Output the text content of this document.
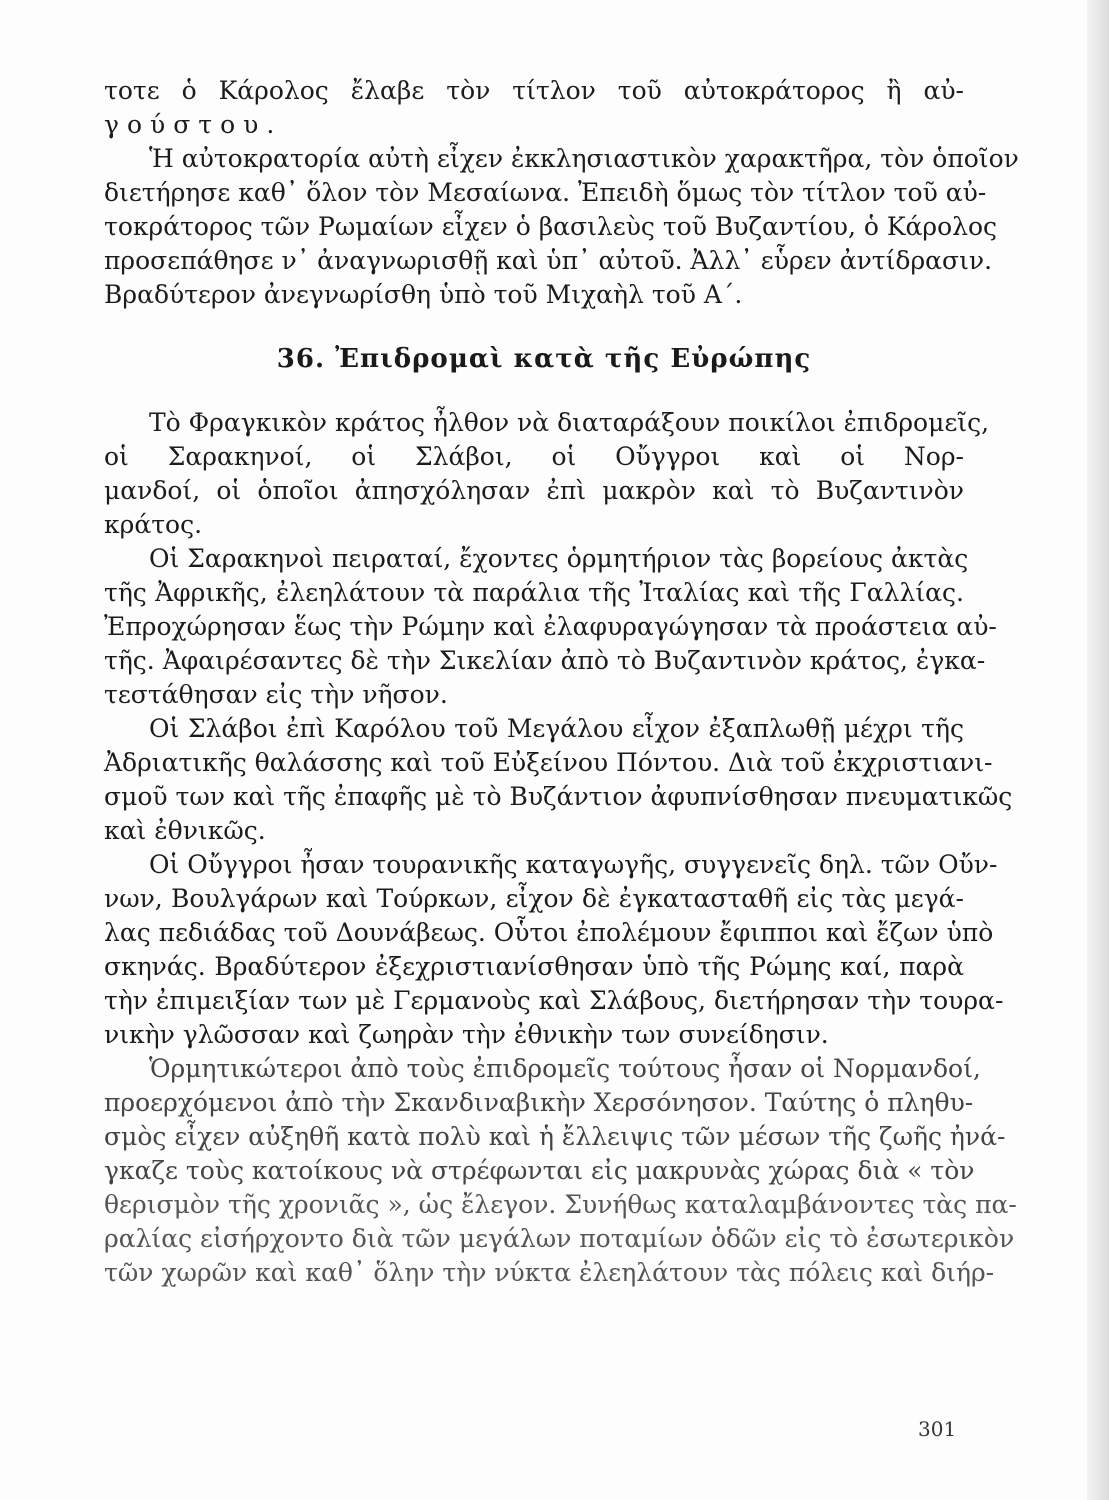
τοτε ὁ Κάρολος ἔλαβε τὸν τίτλον τοῦ αὐτοκράτορος ἢ αὐ-
γούστου.
Ἡ αὐτοκρατορία αὐτὴ εἶχεν ἐκκλησιαστικὸν χαρακτῆρα, τὸν ὁποῖον
διετήρησε καθ᾽ ὅλον τὸν Μεσαίωνα. Ἐπειδὴ ὅμως τὸν τίτλον τοῦ αὐ-
τοκράτορος τῶν Ρωμαίων εἶχεν ὁ βασιλεὺς τοῦ Βυζαντίου, ὁ Κάρολος
προσεπάθησε ν᾽ ἀναγνωρισθῇ καὶ ὑπ᾽ αὐτοῦ. Ἀλλ᾽ εὗρεν ἀντίδρασιν.
Βραδύτερον ἀνεγνωρίσθη ὑπὸ τοῦ Μιχαὴλ τοῦ Α΄.
36. Ἐπιδρομαὶ κατὰ τῆς Εὐρώπης
Τὸ Φραγκικὸν κράτος ἦλθον νὰ διαταράξουν ποικίλοι ἐπιδρομεῖς,
οἱ Σαρακηνοί, οἱ Σλάβοι, οἱ Οὔγγροι καὶ οἱ Νορ-
μανδοί, οἱ ὁποῖοι ἀπησχόλησαν ἐπὶ μακρὸν καὶ τὸ Βυζαντινὸν
κράτος.
Οἱ Σαρακηνοὶ πειραταί, ἔχοντες ὁρμητήριον τὰς βορείους ἀκτὰς
τῆς Ἀφρικῆς, ἐλεηλάτουν τὰ παράλια τῆς Ἰταλίας καὶ τῆς Γαλλίας.
Ἐπροχώρησαν ἕως τὴν Ρώμην καὶ ἐλαφυραγώγησαν τὰ προάστεια αὐ-
τῆς. Ἀφαιρέσαντες δὲ τὴν Σικελίαν ἀπὸ τὸ Βυζαντινὸν κράτος, ἐγκα-
τεστάθησαν εἰς τὴν νῆσον.
Οἱ Σλάβοι ἐπὶ Καρόλου τοῦ Μεγάλου εἶχον ἐξαπλωθῇ μέχρι τῆς
Ἀδριατικῆς θαλάσσης καὶ τοῦ Εὐξείνου Πόντου. Διὰ τοῦ ἐκχριστιανι-
σμοῦ των καὶ τῆς ἐπαφῆς μὲ τὸ Βυζάντιον ἀφυπνίσθησαν πνευματικῶς
καὶ ἐθνικῶς.
Οἱ Οὔγγροι ἦσαν τουρανικῆς καταγωγῆς, συγγενεῖς δηλ. τῶν Οὔν-
νων, Βουλγάρων καὶ Τούρκων, εἶχον δὲ ἐγκατασταθῆ εἰς τὰς μεγά-
λας πεδιάδας τοῦ Δουνάβεως. Οὗτοι ἐπολέμουν ἔφιπποι καὶ ἔζων ὑπὸ
σκηνάς. Βραδύτερον ἐξεχριστιανίσθησαν ὑπὸ τῆς Ρώμης καί, παρὰ
τὴν ἐπιμειξίαν των μὲ Γερμανοὺς καὶ Σλάβους, διετήρησαν τὴν τουρα-
νικὴν γλῶσσαν καὶ ζωηρὰν τὴν ἐθνικὴν των συνείδησιν.
Ὁρμητικώτεροι ἀπὸ τοὺς ἐπιδρομεῖς τούτους ἦσαν οἱ Νορμανδοί,
προερχόμενοι ἀπὸ τὴν Σκανδιναβικὴν Χερσόνησον. Ταύτης ὁ πληθυ-
σμὸς εἶχεν αὐξηθῆ κατὰ πολὺ καὶ ἡ ἔλλειψις τῶν μέσων τῆς ζωῆς ἠνά-
γκαζε τοὺς κατοίκους νὰ στρέφωνται εἰς μακρυνὰς χώρας διὰ « τὸν
θερισμὸν τῆς χρονιᾶς », ὡς ἔλεγον. Συνήθως καταλαμβάνοντες τὰς πα-
ραλίας εἰσήρχοντο διὰ τῶν μεγάλων ποταμίων ὁδῶν εἰς τὸ ἐσωτερικὸν
τῶν χωρῶν καὶ καθ᾽ ὅλην τὴν νύκτα ἐλεηλάτουν τὰς πόλεις καὶ διήρ-
301
